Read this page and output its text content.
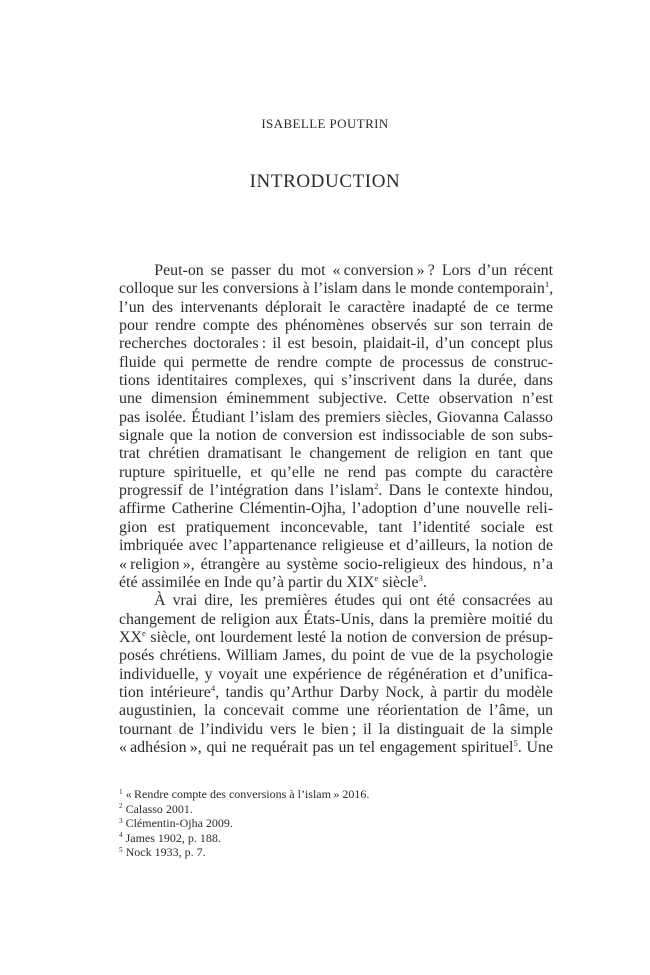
ISABELLE POUTRIN
INTRODUCTION
Peut-on se passer du mot « conversion » ? Lors d’un récent
colloque sur les conversions à l’islam dans le monde contemporain$^1$,
l’un des intervenants déplorait le caractère inadapté de ce terme
pour rendre compte des phénomènes observés sur son terrain de
recherches doctorales : il est besoin, plaidait-il, d’un concept plus
fluide qui permette de rendre compte de processus de construc-
tions identitaires complexes, qui s’inscrivent dans la durée, dans
une dimension éminemment subjective. Cette observation n’est
pas isolée. Étudiant l’islam des premiers siècles, Giovanna Calasso
signale que la notion de conversion est indissociable de son subs-
trat chrétien dramatisant le changement de religion en tant que
rupture spirituelle, et qu’elle ne rend pas compte du caractère
progressif de l’intégration dans l’islam$^2$. Dans le contexte hindou,
affirme Catherine Clémentin-Ojha, l’adoption d’une nouvelle reli-
gion est pratiquement inconcevable, tant l’identité sociale est
imbriquée avec l’appartenance religieuse et d’ailleurs, la notion de
« religion », étrangère au système socio-religieux des hindous, n’a
été assimilée en Inde qu’à partir du XIXe siècle$^3$.
À vrai dire, les premières études qui ont été consacrées au
changement de religion aux États-Unis, dans la première moitié du
XXe siècle, ont lourdement lesté la notion de conversion de présup-
posés chrétiens. William James, du point de vue de la psychologie
individuelle, y voyait une expérience de régénération et d’unifica-
tion intérieure$^4$, tandis qu’Arthur Darby Nock, à partir du modèle
augustinien, la concevait comme une réorientation de l’âme, un
tournant de l’individu vers le bien ; il la distinguait de la simple
« adhésion », qui ne requérait pas un tel engagement spirituel$^5$. Une
$^1$ « Rendre compte des conversions à l’islam » 2016.
$^2$ Calasso 2001.
$^3$ Clémentin-Ojha 2009.
$^4$ James 1902, p. 188.
$^5$ Nock 1933, p. 7.
